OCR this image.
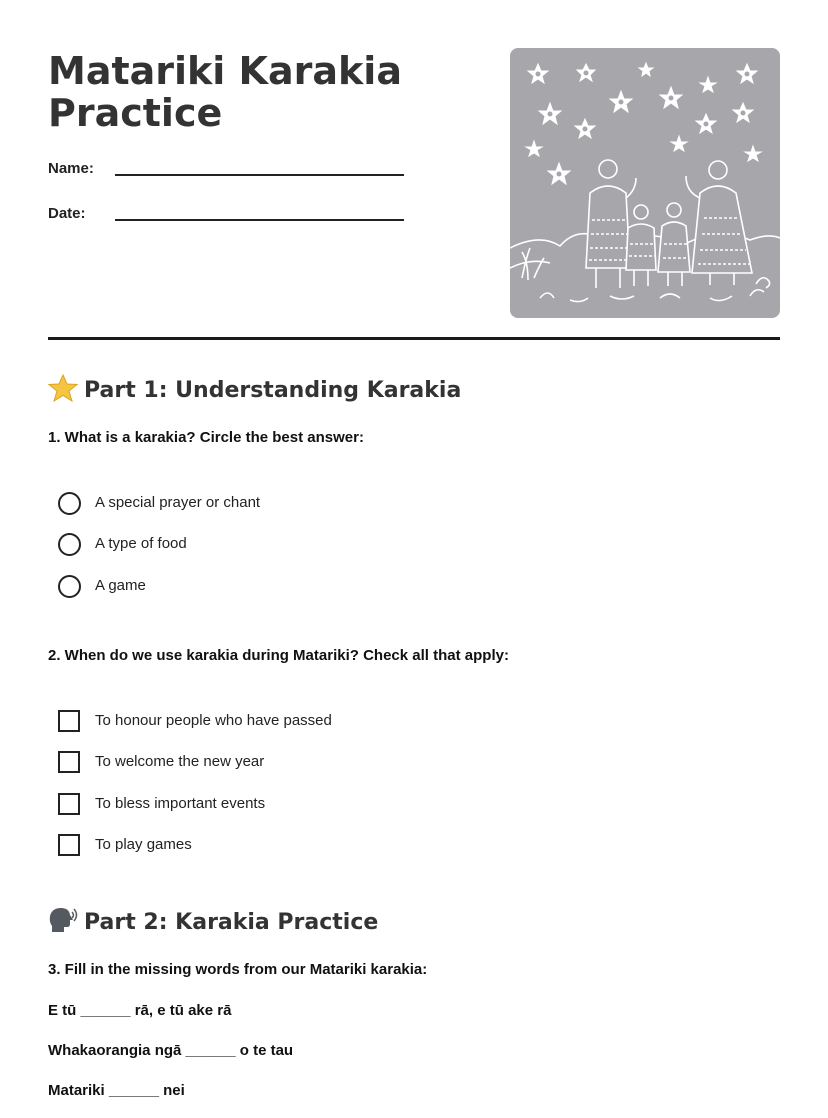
Matariki Karakia Practice
Name:
Date:
Part 1: Understanding Karakia
1. What is a karakia? Circle the best answer:
A special prayer or chant
A type of food
A game
2. When do we use karakia during Matariki? Check all that apply:
To honour people who have passed
To welcome the new year
To bless important events
To play games
Part 2: Karakia Practice
3. Fill in the missing words from our Matariki karakia:
E tū ______ rā, e tū ake rā
Whakaorangia ngā ______ o te tau
Matariki ______ nei
